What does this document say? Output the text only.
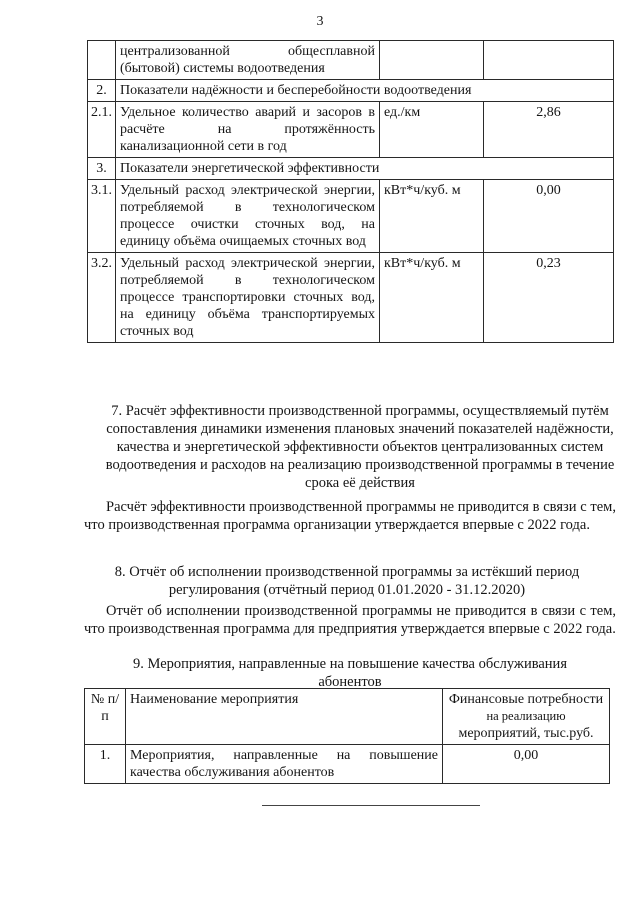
3
	централизованной общесплавной (бытовой) системы водоотведения		
2.	Показатели надёжности и бесперебойности водоотведения		
2.1.	Удельное количество аварий и засоров в расчёте на протяжённость канализационной сети в год	ед./км	2,86
3.	Показатели энергетической эффективности		
3.1.	Удельный расход электрической энергии, потребляемой в технологическом процессе очистки сточных вод, на единицу объёма очищаемых сточных вод	кВт*ч/куб. м	0,00
3.2.	Удельный расход электрической энергии, потребляемой в технологическом процессе транспортировки сточных вод, на единицу объёма транспортируемых сточных вод	кВт*ч/куб. м	0,23
7. Расчёт эффективности производственной программы, осуществляемый путём сопоставления динамики изменения плановых значений показателей надёжности, качества и энергетической эффективности объектов централизованных систем водоотведения и расходов на реализацию производственной программы в течение срока её действия
Расчёт эффективности производственной программы не приводится в связи с тем, что производственная программа организации утверждается впервые с 2022 года.
8. Отчёт об исполнении производственной программы за истёкший период регулирования (отчётный период 01.01.2020 - 31.12.2020)
Отчёт об исполнении производственной программы не приводится в связи с тем, что производственная программа для предприятия утверждается впервые с 2022 года.
9. Мероприятия, направленные на повышение качества обслуживания абонентов
№ п/п	Наименование мероприятия	Финансовые потребности
на реализацию
мероприятий, тыс.руб.

1.	Мероприятия, направленные на повышение качества обслуживания абонентов	0,00
